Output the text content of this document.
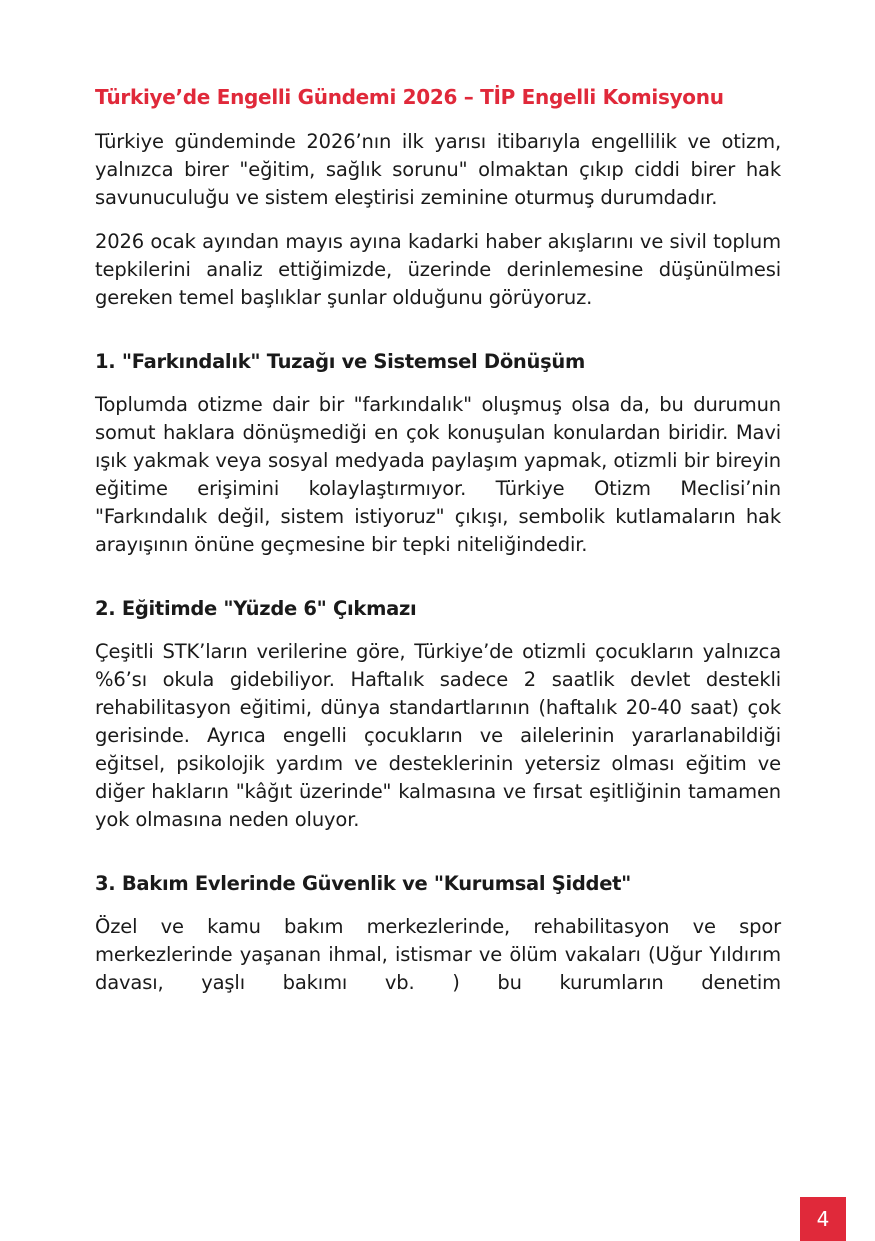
Türkiye’de Engelli Gündemi 2026 – TİP Engelli Komisyonu

Türkiye gündeminde 2026’nın ilk yarısı itibarıyla engellilik ve otizm, yalnızca birer "eğitim, sağlık sorunu" olmaktan çıkıp ciddi birer hak savunuculuğu ve sistem eleştirisi zeminine oturmuş durumdadır.

2026 ocak ayından mayıs ayına kadarki haber akışlarını ve sivil toplum tepkilerini analiz ettiğimizde, üzerinde derinlemesine düşünülmesi gereken temel başlıklar şunlar olduğunu görüyoruz.

1. "Farkındalık" Tuzağı ve Sistemsel Dönüşüm

Toplumda otizme dair bir "farkındalık" oluşmuş olsa da, bu durumun somut haklara dönüşmediği en çok konuşulan konulardan biridir. Mavi ışık yakmak veya sosyal medyada paylaşım yapmak, otizmli bir bireyin eğitime erişimini kolaylaştırmıyor. Türkiye Otizm Meclisi’nin "Farkındalık değil, sistem istiyoruz" çıkışı, sembolik kutlamaların hak arayışının önüne geçmesine bir tepki niteliğindedir.

2. Eğitimde "Yüzde 6" Çıkmazı

Çeşitli STK’ların verilerine göre, Türkiye’de otizmli çocukların yalnızca %6’sı okula gidebiliyor. Haftalık sadece 2 saatlik devlet destekli rehabilitasyon eğitimi, dünya standartlarının (haftalık 20-40 saat) çok gerisinde. Ayrıca engelli çocukların ve ailelerinin yararlanabildiği eğitsel, psikolojik yardım ve desteklerinin yetersiz olması eğitim ve diğer hakların "kâğıt üzerinde" kalmasına ve fırsat eşitliğinin tamamen yok olmasına neden oluyor.

3. Bakım Evlerinde Güvenlik ve "Kurumsal Şiddet"

Özel ve kamu bakım merkezlerinde, rehabilitasyon ve spor merkezlerinde yaşanan ihmal, istismar ve ölüm vakaları (Uğur Yıldırım davası, yaşlı bakımı vb. ) bu kurumların denetim

4
